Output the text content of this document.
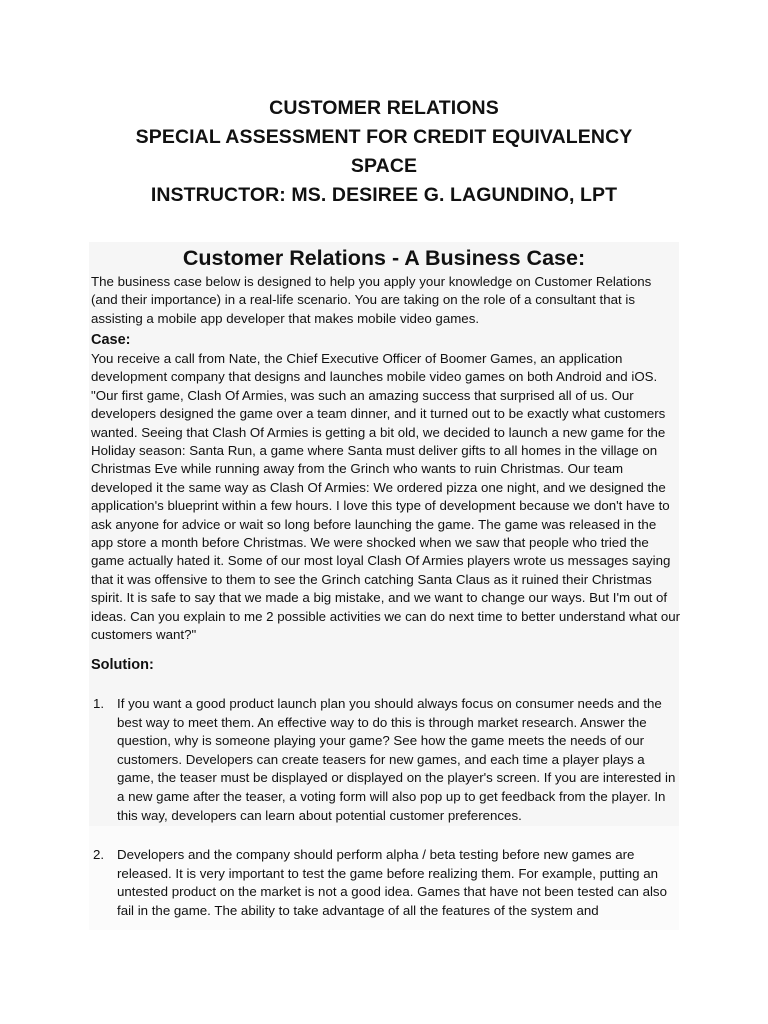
CUSTOMER RELATIONS
SPECIAL ASSESSMENT FOR CREDIT EQUIVALENCY
SPACE
INSTRUCTOR: MS. DESIREE G. LAGUNDINO, LPT
Customer Relations - A Business Case:
The business case below is designed to help you apply your knowledge on Customer Relations (and their importance) in a real-life scenario. You are taking on the role of a consultant that is assisting a mobile app developer that makes mobile video games.
Case:
You receive a call from Nate, the Chief Executive Officer of Boomer Games, an application development company that designs and launches mobile video games on both Android and iOS. "Our first game, Clash Of Armies, was such an amazing success that surprised all of us. Our developers designed the game over a team dinner, and it turned out to be exactly what customers wanted. Seeing that Clash Of Armies is getting a bit old, we decided to launch a new game for the Holiday season: Santa Run, a game where Santa must deliver gifts to all homes in the village on Christmas Eve while running away from the Grinch who wants to ruin Christmas. Our team developed it the same way as Clash Of Armies: We ordered pizza one night, and we designed the application's blueprint within a few hours. I love this type of development because we don't have to ask anyone for advice or wait so long before launching the game. The game was released in the app store a month before Christmas. We were shocked when we saw that people who tried the game actually hated it. Some of our most loyal Clash Of Armies players wrote us messages saying that it was offensive to them to see the Grinch catching Santa Claus as it ruined their Christmas spirit. It is safe to say that we made a big mistake, and we want to change our ways. But I'm out of ideas. Can you explain to me 2 possible activities we can do next time to better understand what our customers want?"
Solution:
1. If you want a good product launch plan you should always focus on consumer needs and the best way to meet them. An effective way to do this is through market research. Answer the question, why is someone playing your game? See how the game meets the needs of our customers. Developers can create teasers for new games, and each time a player plays a game, the teaser must be displayed or displayed on the player's screen. If you are interested in a new game after the teaser, a voting form will also pop up to get feedback from the player. In this way, developers can learn about potential customer preferences.
2. Developers and the company should perform alpha / beta testing before new games are released. It is very important to test the game before realizing them. For example, putting an untested product on the market is not a good idea. Games that have not been tested can also fail in the game. The ability to take advantage of all the features of the system and
